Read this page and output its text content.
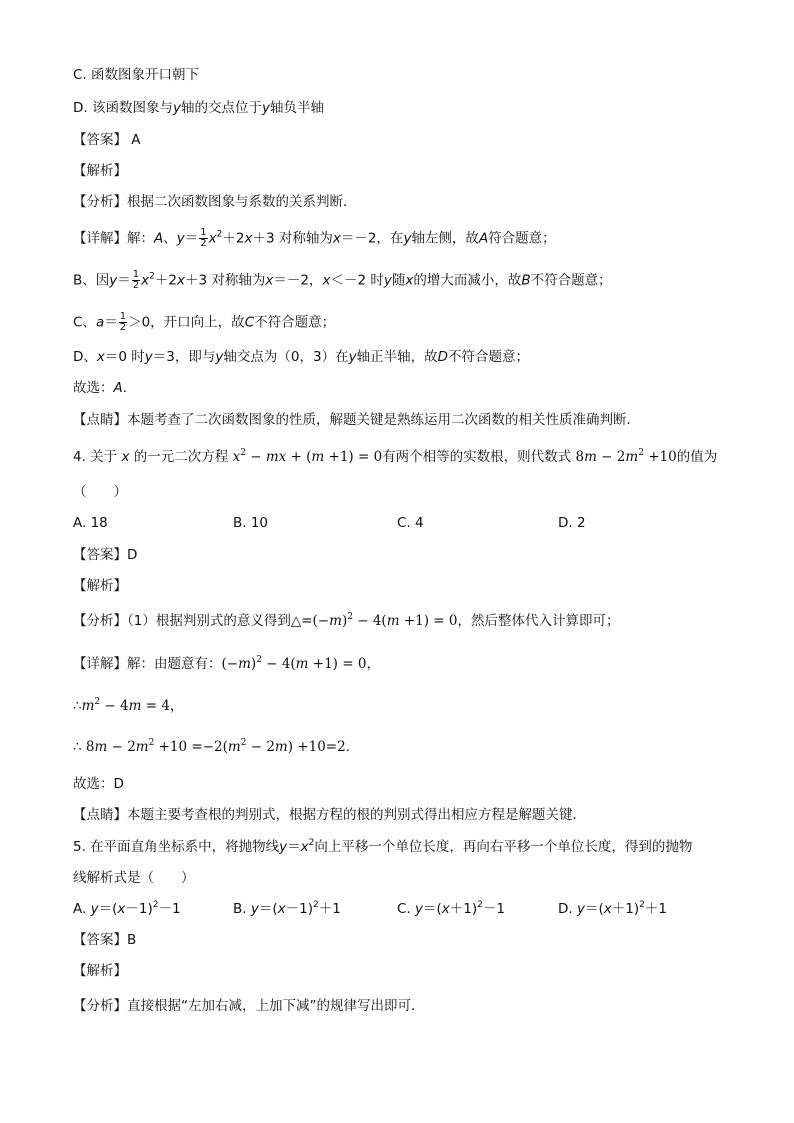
C. 函数图象开口朝下
D. 该函数图象与y轴的交点位于y轴负半轴
【答案】 A
【解析】
【分析】根据二次函数图象与系数的关系判断．
【详解】解：A、$y= \frac{1}{2} x^2+2x+3$ 对称轴为x＝－2，在y轴左侧，故A符合题意；
B、因$y= \frac{1}{2} x^2+2x+3$ 对称轴为x＝－2，x＜－2 时y随x的增大而减小，故B不符合题意；
C、$a= \frac{1}{2} >0$，开口向上，故C不符合题意；
D、x＝0 时y＝3，即与y轴交点为（0，3）在y轴正半轴，故D不符合题意；
故选：A．
【点睛】本题考查了二次函数图象的性质，解题关键是熟练运用二次函数的相关性质准确判断．
4. 关于 x 的一元二次方程 $x^2$ − mx + (m +1) = 0有两个相等的实数根，则代数式 $8m - 2m^2 +10$的值为
（　　）
A. 18	B. 10	C. 4	D. 2
【答案】D
【解析】
【分析】（1）根据判别式的意义得到$\triangle=(-m)^2 - 4(m +1) = 0$，然后整体代入计算即可；
【详解】解：由题意有：$(-m)^2 - 4(m +1) = 0$，
$\therefore m^2 - 4m = 4$，
∴ $8m - 2m^2 +10 =-2(m^2 - 2m) +10=2$．
故选：D
【点睛】本题主要考查根的判别式，根据方程的根的判别式得出相应方程是解题关键．
5. 在平面直角坐标系中，将抛物线$y=x^2$向上平移一个单位长度，再向右平移一个单位长度，得到的抛物
线解析式是（　　）
A. $y=(x-1)^2-1$	B. $y=(x-1)^2+1$	C. $y=(x+1)^2-1$	D. $y=(x+1)^2+1$
【答案】B
【解析】
【分析】直接根据“左加右减，上加下减”的规律写出即可．
